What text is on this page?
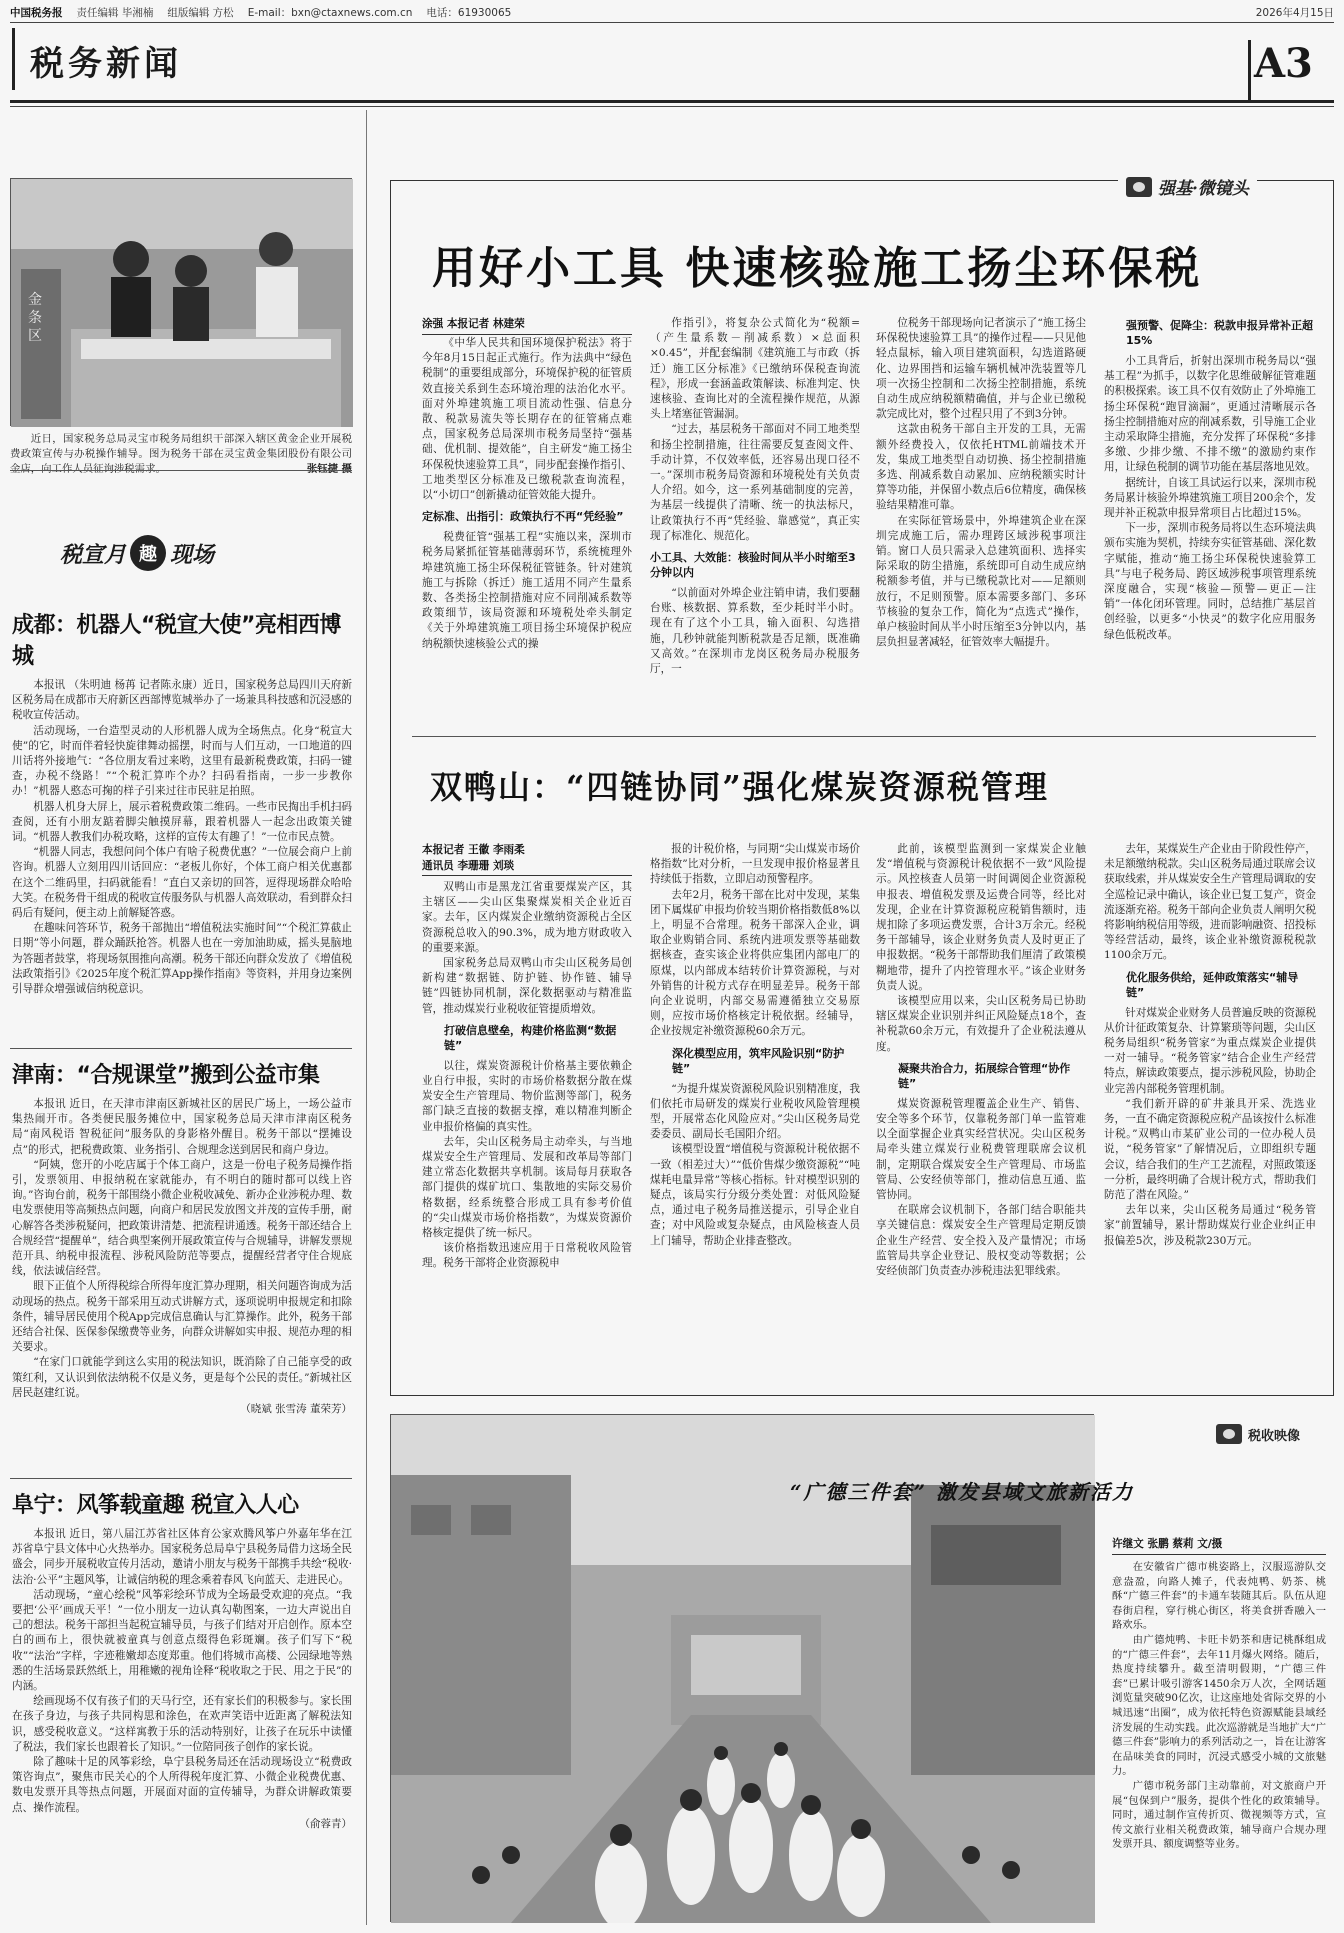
中国税务报 责任编辑 毕湘楠 组版编辑 方松 E-mail：bxn@ctaxnews.com.cn 电话：61930065	2026年4月15日
税务新闻	A3
金条区
近日，国家税务总局灵宝市税务局组织干部深入辖区黄金企业开展税费政策宣传与办税操作辅导。图为税务干部在灵宝黄金集团股份有限公司金店，向工作人员征询涉税需求。	张钰捷 摄
税宣月 趣 现场
成都：机器人“税宣大使”亮相西博城

本报讯 （朱明迪 杨苒 记者陈永康）近日，国家税务总局四川天府新区税务局在成都市天府新区西部博览城举办了一场兼具科技感和沉浸感的税收宣传活动。

活动现场，一台造型灵动的人形机器人成为全场焦点。化身“税宣大使”的它，时而伴着轻快旋律舞动摇摆，时而与人们互动，一口地道的四川话将外接地气：“各位朋友看过来哟，这里有最新税费政策，扫码一键查，办税不绕路！”“个税汇算咋个办？扫码看指南，一步一步教你办！”机器人憨态可掬的样子引来过往市民驻足拍照。

机器人机身大屏上，展示着税费政策二维码。一些市民掏出手机扫码查阅，还有小朋友踮着脚尖触摸屏幕，跟着机器人一起念出政策关键词。“机器人教我们办税攻略，这样的宣传太有趣了！”一位市民点赞。

“机器人同志，我想问问个体户有啥子税费优惠？”一位展会商户上前咨询。机器人立刻用四川话回应：“老板儿你好，个体工商户相关优惠都在这个二维码里，扫码就能看！”直白又亲切的回答，逗得现场群众哈哈大笑。在税务骨干组成的税收宣传服务队与机器人高效联动，看到群众扫码后有疑问，便主动上前解疑答惑。

在趣味问答环节，税务干部抛出“增值税法实施时间”“个税汇算截止日期”等小问题，群众踊跃抢答。机器人也在一旁加油助威，摇头晃脑地为答题者鼓掌，将现场氛围推向高潮。税务干部还向群众发放了《增值税法政策指引》《2025年度个税汇算App操作指南》等资料，并用身边案例引导群众增强诚信纳税意识。

津南：“合规课堂”搬到公益市集

本报讯 近日，在天津市津南区新城社区的居民广场上，一场公益市集热闹开市。各类便民服务摊位中，国家税务总局天津市津南区税务局“南风税语 智税征问”服务队的身影格外醒目。税务干部以“摆摊设点”的形式，把税费政策、业务指引、合规理念送到居民和商户身边。

“阿姨，您开的小吃店属于个体工商户，这是一份电子税务局操作指引，发票领用、申报纳税在家就能办，有不明白的随时都可以线上咨询。”咨询台前，税务干部围绕小微企业税收减免、新办企业涉税办理、数电发票使用等高频热点问题，向商户和居民发放图文并茂的宣传手册，耐心解答各类涉税疑问，把政策讲清楚、把流程讲通透。税务干部还结合上合规经营“提醒单”，结合典型案例开展政策宣传与合规辅导，讲解发票规范开具、纳税申报流程、涉税风险防范等要点，提醒经营者守住合规底线，依法诚信经营。

眼下正值个人所得税综合所得年度汇算办理期，相关问题咨询成为活动现场的热点。税务干部采用互动式讲解方式，逐项说明申报规定和扣除条件，辅导居民使用个税App完成信息确认与汇算操作。此外，税务干部还结合社保、医保参保缴费等业务，向群众讲解如实申报、规范办理的相关要求。

“在家门口就能学到这么实用的税法知识，既消除了自己能享受的政策红利，又认识到依法纳税不仅是义务，更是每个公民的责任。”新城社区居民赵建红说。

（晓斌 张雪涛 董荣芳）
阜宁：风筝载童趣 税宣入人心

本报讯 近日，第八届江苏省社区体育公家欢腾风筝户外嘉年华在江苏省阜宁县文体中心火热举办。国家税务总局阜宁县税务局借力这场全民盛会，同步开展税收宣传月活动，邀请小朋友与税务干部携手共绘“税收·法治·公平”主题风筝，让诚信纳税的理念乘着春风飞向蓝天、走进民心。

活动现场，“童心绘税”风筝彩绘环节成为全场最受欢迎的亮点。“我要把‘公平’画成天平！”一位小朋友一边认真勾勒图案，一边大声说出自己的想法。税务干部担当起税宣辅导员，与孩子们结对开启创作。原本空白的画布上，很快就被童真与创意点缀得色彩斑斓。孩子们写下“税收”“法治”字样，字迹稚嫩却态度郑重。他们将城市高楼、公园绿地等熟悉的生活场景跃然纸上，用稚嫩的视角诠释“税收取之于民、用之于民”的内涵。

绘画现场不仅有孩子们的天马行空，还有家长们的积极参与。家长围在孩子身边，与孩子共同构思和涂色，在欢声笑语中近距离了解税法知识，感受税收意义。“这样寓教于乐的活动特别好，让孩子在玩乐中读懂了税法，我们家长也跟着长了知识。”一位陪同孩子创作的家长说。

除了趣味十足的风筝彩绘，阜宁县税务局还在活动现场设立“税费政策咨询点”，聚焦市民关心的个人所得税年度汇算、小微企业税费优惠、数电发票开具等热点问题，开展面对面的宣传辅导，为群众讲解政策要点、操作流程。

（俞蓉青）
强基·微镜头
用好小工具 快速核验施工扬尘环保税
涂强 本报记者 林建荣

《中华人民共和国环境保护税法》将于今年8月15日起正式施行。作为法典中“绿色税制”的重要组成部分，环境保护税的征管质效直接关系到生态环境治理的法治化水平。面对外埠建筑施工项目流动性强、信息分散、税款易流失等长期存在的征管痛点难点，国家税务总局深圳市税务局坚持“强基础、优机制、提效能”，自主研发“施工扬尘环保税快速验算工具”，同步配套操作指引、工地类型区分标准及已缴税款查询流程，以“小切口”创新撬动征管效能大提升。

定标准、出指引：政策执行不再“凭经验”

税费征管“强基工程”实施以来，深圳市税务局紧抓征管基础薄弱环节，系统梳理外埠建筑施工扬尘环保税征管链条。针对建筑施工与拆除（拆迁）施工适用不同产生量系数、各类扬尘控制措施对应不同削减系数等政策细节，该局资源和环境税处牵头制定《关于外埠建筑施工项目扬尘环境保护税应纳税额快速核验公式的操

作指引》，将复杂公式简化为“税额=（产生量系数－削减系数）×总面积×0.45”，并配套编制《建筑施工与市政（拆迁）施工区分标准》《已缴纳环保税查询流程》，形成一套涵盖政策解读、标准判定、快速核验、查询比对的全流程操作规范，从源头上堵塞征管漏洞。

“过去，基层税务干部面对不同工地类型和扬尘控制措施，往往需要反复查阅文件、手动计算，不仅效率低，还容易出现口径不一。”深圳市税务局资源和环境税处有关负责人介绍。如今，这一系列基础制度的完善，为基层一线提供了清晰、统一的执法标尺，让政策执行不再“凭经验、靠感觉”，真正实现了标准化、规范化。

小工具、大效能：核验时间从半小时缩至3分钟以内

“以前面对外埠企业注销申请，我们要翻台账、核数据、算系数，至少耗时半小时。现在有了这个小工具，输入面积、勾选措施，几秒钟就能判断税款是否足额，既准确又高效。”在深圳市龙岗区税务局办税服务厅，一

位税务干部现场向记者演示了“施工扬尘环保税快速验算工具”的操作过程——只见他轻点鼠标，输入项目建筑面积，勾选道路硬化、边界围挡和运输车辆机械冲洗装置等几项一次扬尘控制和二次扬尘控制措施，系统自动生成应纳税额精确值，并与企业已缴税款完成比对，整个过程只用了不到3分钟。

这款由税务干部自主开发的工具，无需额外经费投入，仅依托HTML前端技术开发，集成工地类型自动切换、扬尘控制措施多选、削减系数自动累加、应纳税额实时计算等功能，并保留小数点后6位精度，确保核验结果精准可靠。

在实际征管场景中，外埠建筑企业在深圳完成施工后，需办理跨区域涉税事项注销。窗口人员只需录入总建筑面积、选择实际采取的防尘措施，系统即可自动生成应纳税额参考值，并与已缴税款比对——足额则放行，不足则预警。原本需要多部门、多环节核验的复杂工作，简化为“点选式”操作，单户核验时间从半小时压缩至3分钟以内，基层负担显著减轻，征管效率大幅提升。

强预警、促降尘：税款申报异常补正超15%

小工具背后，折射出深圳市税务局以“强基工程”为抓手，以数字化思维破解征管难题的积极探索。该工具不仅有效防止了外埠施工扬尘环保税“跑冒滴漏”，更通过清晰展示各扬尘控制措施对应的削减系数，引导施工企业主动采取降尘措施，充分发挥了环保税“多排多缴、少排少缴、不排不缴”的激励约束作用，让绿色税制的调节功能在基层落地见效。

据统计，自该工具试运行以来，深圳市税务局累计核验外埠建筑施工项目200余个，发现并补正税款申报异常项目占比超过15%。

下一步，深圳市税务局将以生态环境法典颁布实施为契机，持续夯实征管基础、深化数字赋能，推动“施工扬尘环保税快速验算工具”与电子税务局、跨区域涉税事项管理系统深度融合，实现“核验—预警—更正—注销”一体化闭环管理。同时，总结推广基层首创经验，以更多“小快灵”的数字化应用服务绿色低税改革。

双鸭山：“四链协同”强化煤炭资源税管理
本报记者 王徽 李雨柔
通讯员 李珊珊 刘琰

双鸭山市是黑龙江省重要煤炭产区，其主辖区——尖山区集聚煤炭相关企业近百家。去年，区内煤炭企业缴纳资源税占全区资源税总收入的90.3%，成为地方财政收入的重要来源。

国家税务总局双鸭山市尖山区税务局创新构建“数据链、防护链、协作链、辅导链”四链协同机制，深化数据驱动与精准监管，推动煤炭行业税收征管提质增效。

打破信息壁垒，构建价格监测“数据链”

以往，煤炭资源税计价格基主要依赖企业自行申报，实时的市场价格数据分散在煤炭安全生产管理局、物价监测等部门，税务部门缺乏直接的数据支撑，难以精准判断企业申报价格偏的真实性。

去年，尖山区税务局主动牵头，与当地煤炭安全生产管理局、发展和改革局等部门建立常态化数据共享机制。该局每月获取各部门提供的煤矿坑口、集散地的实际交易价格数据，经系统整合形成工具有参考价值的“尖山煤炭市场价格指数”，为煤炭资源价格核定提供了统一标尺。

该价格指数迅速应用于日常税收风险管理。税务干部将企业资源税申

报的计税价格，与同期“尖山煤炭市场价格指数”比对分析，一旦发现申报价格显著且持续低于指数，立即启动预警程序。

去年2月，税务干部在比对中发现，某集团下属煤矿申报均价较当期价格指数低8%以上，明显不合常理。税务干部深入企业，调取企业购销合同、系统内进项发票等基础数据核查，查实该企业将供应集团内部电厂的原煤，以内部成本结转价计算资源税，与对外销售的计税方式存在明显差异。税务干部向企业说明，内部交易需遵循独立交易原则，应按市场价格核定计税依据。经辅导，企业按规定补缴资源税60余万元。

深化模型应用，筑牢风险识别“防护链”

“为提升煤炭资源税风险识别精准度，我们依托市局研发的煤炭行业税收风险管理模型，开展常态化风险应对。”尖山区税务局党委委员、副局长毛国阳介绍。

该模型设置“增值税与资源税计税依据不一致（相差过大）”“低价售煤少缴资源税”“吨煤耗电量异常”等核心指标。针对模型识别的疑点，该局实行分级分类处置：对低风险疑点，通过电子税务局推送提示，引导企业自查；对中风险或复杂疑点，由风险核查人员上门辅导，帮助企业排查整改。

此前，该模型监测到一家煤炭企业触发“增值税与资源税计税依据不一致”风险提示。风控核查人员第一时间调阅企业资源税申报表、增值税发票及运费合同等，经比对发现，企业在计算资源税应税销售额时，违规扣除了多项运费发票，合计3万余元。经税务干部辅导，该企业财务负责人及时更正了申报数据。“税务干部帮助我们厘清了政策模糊地带，提升了内控管理水平。”该企业财务负责人说。

该模型应用以来，尖山区税务局已协助辖区煤炭企业识别并纠正风险疑点18个，查补税款60余万元，有效提升了企业税法遵从度。

凝聚共治合力，拓展综合管理“协作链”

煤炭资源税管理覆盖企业生产、销售、安全等多个环节，仅靠税务部门单一监管难以全面掌握企业真实经营状况。尖山区税务局牵头建立煤炭行业税费管理联席会议机制，定期联合煤炭安全生产管理局、市场监管局、公安经侦等部门，推动信息互通、监管协同。

在联席会议机制下，各部门结合职能共享关键信息：煤炭安全生产管理局定期反馈企业生产经营、安全投入及产量情况；市场监管局共享企业登记、股权变动等数据；公安经侦部门负责查办涉税违法犯罪线索。

去年，某煤炭生产企业由于阶段性停产，未足额缴纳税款。尖山区税务局通过联席会议获取线索，并从煤炭安全生产管理局调取的安全巡检记录中确认，该企业已复工复产，资金流逐渐充裕。税务干部向企业负责人阐明欠税将影响纳税信用等级，进而影响融资、招投标等经营活动，最终，该企业补缴资源税税款1100余万元。

优化服务供给，延伸政策落实“辅导链”

针对煤炭企业财务人员普遍反映的资源税从价计征政策复杂、计算繁琐等问题，尖山区税务局组织“税务管家”为重点煤炭企业提供一对一辅导。“税务管家”结合企业生产经营特点，解读政策要点，提示涉税风险，协助企业完善内部税务管理机制。

“我们新开辟的矿井兼具开采、洗选业务，一直不确定资源税应税产品该按什么标准计税。”双鸭山市某矿业公司的一位办税人员说，“税务管家”了解情况后，立即组织专题会议，结合我们的生产工艺流程，对照政策逐一分析，最终明确了合规计税方式，帮助我们防范了潜在风险。”

去年以来，尖山区税务局通过“税务管家”前置辅导，累计帮助煤炭行业企业纠正申报偏差5次，涉及税款230万元。

税收映像
“广德三件套” 激发县域文旅新活力
许继文 张鹏 蔡莉 文/摄

在安徽省广德市桃姿路上，汉服巡游队交意盎盈，向路人摊子，代表炖鸭、奶茶、桃酥“广德三件套”的卡通车装随其后。队伍从迎春街启程，穿行桃心街区，将美食拼香融入一路欢乐。

由广德炖鸭、卡旺卡奶茶和唐记桃酥组成的“广德三件套”，去年11月爆火网络。随后，热度持续攀升。截至清明假期，“广德三件套”已累计吸引游客1450余万人次，全网话题浏览量突破90亿次，让这座地处省际交界的小城迅速“出圈”，成为依托特色资源赋能县域经济发展的生动实践。此次巡游就是当地扩大“广德三件套”影响力的系列活动之一，旨在让游客在品味美食的同时，沉浸式感受小城的文旅魅力。

广德市税务部门主动靠前，对文旅商户开展“包保到户”服务，提供个性化的政策辅导。同时，通过制作宣传折页、微视频等方式，宣传文旅行业相关税费政策，辅导商户合规办理发票开具、额度调整等业务。
